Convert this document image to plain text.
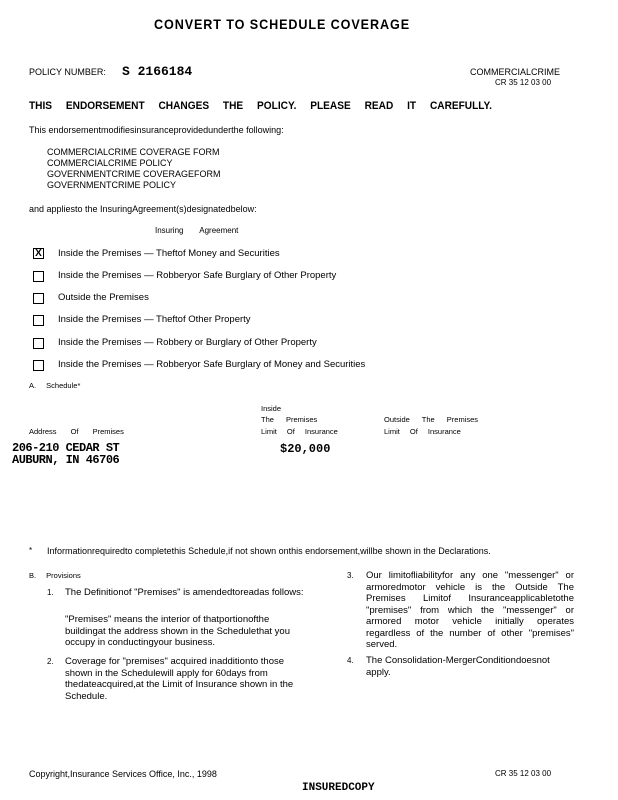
CONVERT TO SCHEDULE COVERAGE
POLICY NUMBER: S 2166184	COMMERCIALCRIME
CR 35 12 03 00
THIS ENDORSEMENT CHANGES THE POLICY. PLEASE READ IT CAREFULLY.
This endorsementmodifiesinsuranceprovidedunderthe following:
COMMERCIALCRIME COVERAGE FORM
COMMERCIALCRIME POLICY
GOVERNMENTCRIME COVERAGEFORM
GOVERNMENTCRIME POLICY
and appliesto the InsuringAgreement(s)designatedbelow:
Insuring Agreement
X Inside the Premises — Theftof Money and Securities
Inside the Premises — Robberyor Safe Burglary of Other Property
Outside the Premises
Inside the Premises — Theftof Other Property
Inside the Premises — Robbery or Burglary of Other Property
Inside the Premises — Robberyor Safe Burglary of Money and Securities
A. Schedule*
Inside
The Premises
Limit Of Insurance
Outside The Premises
Limit Of Insurance
Address Of Premises
206-210 CEDAR ST
AUBURN, IN 46706
$20,000
* Informationrequiredto completethis Schedule,if not shown onthis endorsement,willbe shown in the Declarations.
B. Provisions
1. The Definitionof "Premises" is amendedtoreadas follows:
"Premises" means the interior of thatportionofthe buildingat the address shown in the Schedulethat you occupy in conductingyour business.
2. Coverage for "premises" acquired inadditionto those shown in the Schedulewill apply for 60days from thedateacquired,at the Limit of Insurance shown in the Schedule.
3. Our limitofliabilityfor any one "messenger" or armoredmotor vehicle is the Outside The Premises Limitof Insuranceapplicabletothe "premises" from which the "messenger" or armored motor vehicle initially operates regardless of the number of other "premises" served.
4. The Consolidation-MergerConditiondoesnot apply.
Copyright,Insurance Services Office, Inc., 1998	CR 35 12 03 00
INSUREDCOPY
